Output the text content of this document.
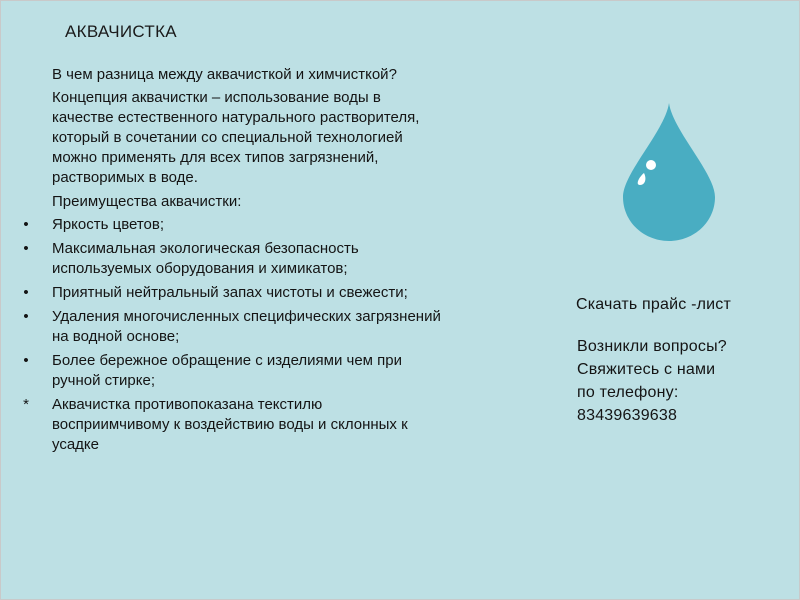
АКВАЧИСТКА

В чем разница между аквачисткой и химчисткой?

Концепция аквачистки – использование воды в качестве естественного натурального растворителя, который в сочетании со специальной технологией можно применять для всех типов загрязнений, растворимых в воде.

Преимущества аквачистки:

• Яркость цветов;
• Максимальная экологическая безопасность используемых оборудования и химикатов;
• Приятный нейтральный запах чистоты и свежести;
• Удаления многочисленных специфических загрязнений на водной основе;
• Более бережное обращение с изделиями чем при ручной стирке;
* Аквачистка противопоказана текстилю восприимчивому к воздействию воды и склонных к усадке
Скачать прайс -лист
Возникли вопросы?
Свяжитесь с нами
по телефону:
83439639638
